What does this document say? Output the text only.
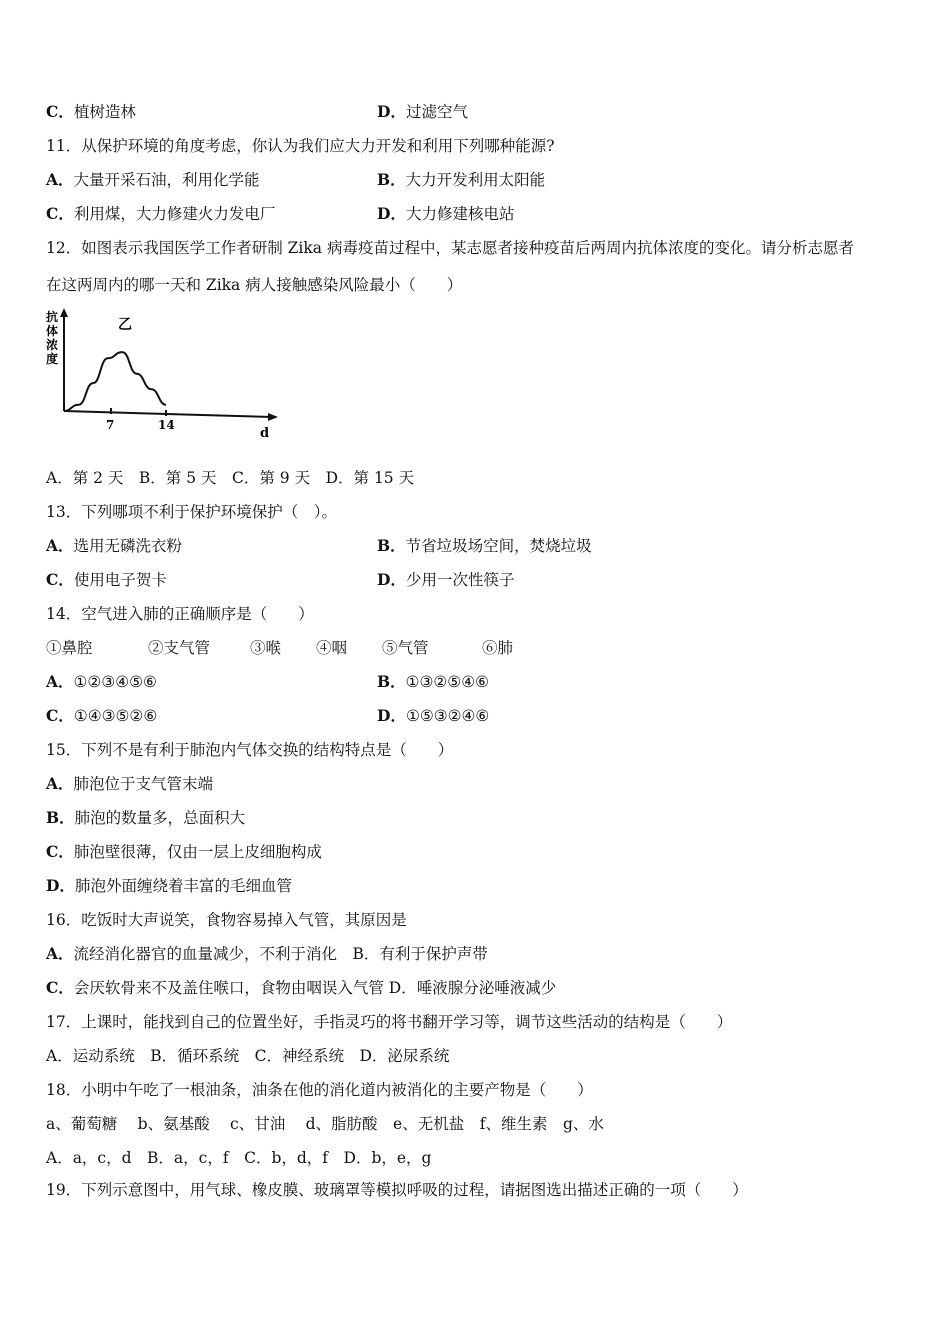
C．植树造林	D．过滤空气
11．从保护环境的角度考虑，你认为我们应大力开发和利用下列哪种能源?
A．大量开采石油，利用化学能	B．大力开发利用太阳能
C．利用煤，大力修建火力发电厂	D．大力修建核电站
12．如图表示我国医学工作者研制 Zika 病毒疫苗过程中，某志愿者接种疫苗后两周内抗体浓度的变化。请分析志愿者
在这两周内的哪一天和 Zika 病人接触感染风险最小（　　）
抗
体
浓
度
乙
7	14
d
A．第 2 天　B．第 5 天　C．第 9 天　D．第 15 天
13．下列哪项不利于保护环境保护（　）。
A．选用无磷洗衣粉	B．节省垃圾场空间，焚烧垃圾
C．使用电子贺卡	D．少用一次性筷子
14．空气进入肺的正确顺序是（　　）
①鼻腔	②支气管	③喉 ④咽 ⑤气管	⑥肺
A．①②③④⑤⑥	B．①③②⑤④⑥
C．①④③⑤②⑥	D．①⑤③②④⑥
15．下列不是有利于肺泡内气体交换的结构特点是（　　）
A．肺泡位于支气管末端
B．肺泡的数量多，总面积大
C．肺泡壁很薄，仅由一层上皮细胞构成
D．肺泡外面缠绕着丰富的毛细血管
16．吃饭时大声说笑，食物容易掉入气管，其原因是
A．流经消化器官的血量减少，不利于消化　B．有利于保护声带
C．会厌软骨来不及盖住喉口，食物由咽误入气管 D．唾液腺分泌唾液减少
17．上课时，能找到自己的位置坐好，手指灵巧的将书翻开学习等，调节这些活动的结构是（　　）
A．运动系统　B．循环系统　C．神经系统　D．泌尿系统
18．小明中午吃了一根油条，油条在他的消化道内被消化的主要产物是（　　）
a、葡萄糖　 b、氨基酸　 c、甘油　 d、脂肪酸　e、无机盐　f、维生素　g、水
A．a，c，d　B．a，c，f　C．b，d，f　D．b，e，g
19．下列示意图中，用气球、橡皮膜、玻璃罩等模拟呼吸的过程，请据图选出描述正确的一项（　　）
